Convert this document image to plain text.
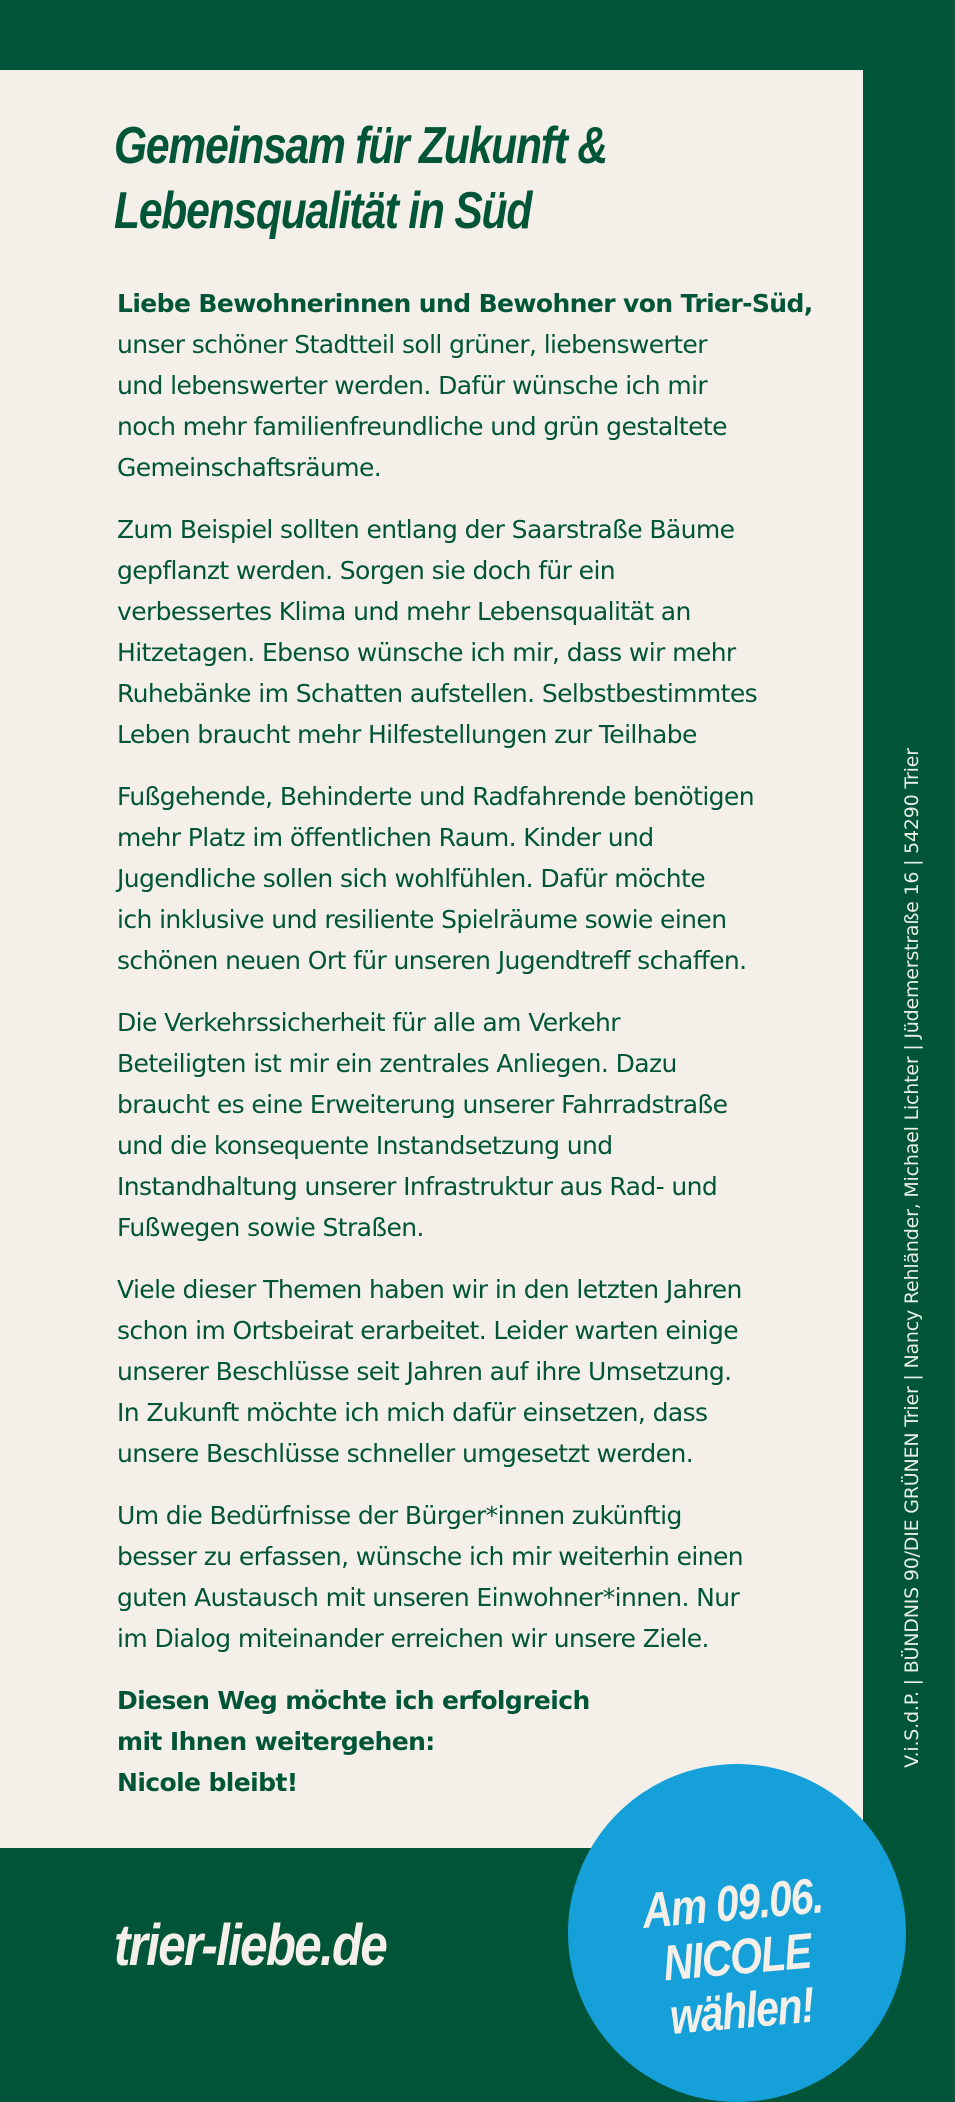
Gemeinsam für Zukunft &
Lebensqualität in Süd

Liebe Bewohnerinnen und Bewohner von Trier-Süd,
unser schöner Stadtteil soll grüner, liebenswerter
und lebenswerter werden. Dafür wünsche ich mir
noch mehr familienfreundliche und grün gestaltete
Gemeinschaftsräume.

Zum Beispiel sollten entlang der Saarstraße Bäume
gepflanzt werden. Sorgen sie doch für ein
verbessertes Klima und mehr Lebensqualität an
Hitzetagen. Ebenso wünsche ich mir, dass wir mehr
Ruhebänke im Schatten aufstellen. Selbstbestimmtes
Leben braucht mehr Hilfestellungen zur Teilhabe

Fußgehende, Behinderte und Radfahrende benötigen
mehr Platz im öffentlichen Raum. Kinder und
Jugendliche sollen sich wohlfühlen. Dafür möchte
ich inklusive und resiliente Spielräume sowie einen
schönen neuen Ort für unseren Jugendtreff schaffen.

Die Verkehrssicherheit für alle am Verkehr
Beteiligten ist mir ein zentrales Anliegen. Dazu
braucht es eine Erweiterung unserer Fahrradstraße
und die konsequente Instandsetzung und
Instandhaltung unserer Infrastruktur aus Rad- und
Fußwegen sowie Straßen.

Viele dieser Themen haben wir in den letzten Jahren
schon im Ortsbeirat erarbeitet. Leider warten einige
unserer Beschlüsse seit Jahren auf ihre Umsetzung.
In Zukunft möchte ich mich dafür einsetzen, dass
unsere Beschlüsse schneller umgesetzt werden.

Um die Bedürfnisse der Bürger*innen zukünftig
besser zu erfassen, wünsche ich mir weiterhin einen
guten Austausch mit unseren Einwohner*innen. Nur
im Dialog miteinander erreichen wir unsere Ziele.

Diesen Weg möchte ich erfolgreich
mit Ihnen weitergehen:
Nicole bleibt!

V.i.S.d.P. | BÜNDNIS 90/DIE GRÜNEN Trier | Nancy Rehländer, Michael Lichter | Jüdemerstraße 16 | 54290 Trier
trier-liebe.de
Am 09.06.
NICOLE
wählen!
